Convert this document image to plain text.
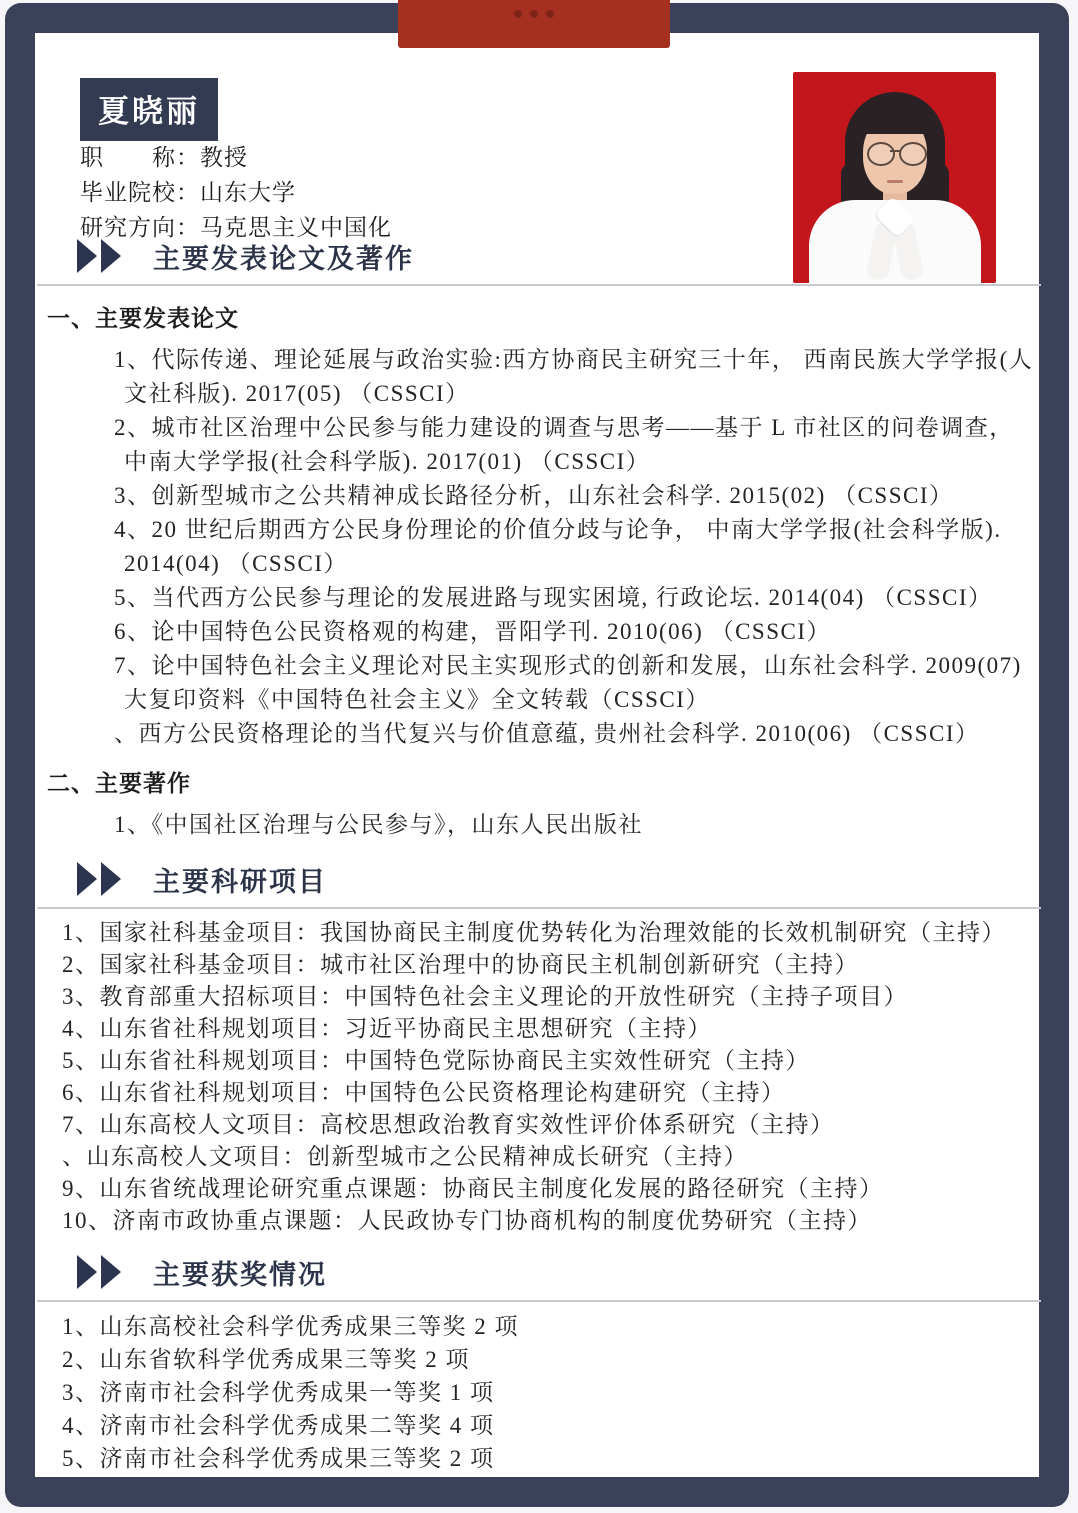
夏晓丽
职　　称：教授
毕业院校：山东大学
研究方向：马克思主义中国化
主要发表论文及著作
一、主要发表论文
1、代际传递、理论延展与政治实验:西方协商民主研究三十年， 西南民族大学学报(人文社科版). 2017(05) （CSSCI）
2、城市社区治理中公民参与能力建设的调查与思考——基于 L 市社区的问卷调查， 中南大学学报(社会科学版). 2017(01) （CSSCI）
3、创新型城市之公共精神成长路径分析，山东社会科学. 2015(02) （CSSCI）
4、20 世纪后期西方公民身份理论的价值分歧与论争， 中南大学学报(社会科学版). 2014(04) （CSSCI）
5、当代西方公民参与理论的发展进路与现实困境, 行政论坛. 2014(04) （CSSCI）
6、论中国特色公民资格观的构建，晋阳学刊. 2010(06) （CSSCI）
7、论中国特色社会主义理论对民主实现形式的创新和发展，山东社会科学. 2009(07) 大复印资料《中国特色社会主义》全文转载（CSSCI）
、西方公民资格理论的当代复兴与价值意蕴, 贵州社会科学. 2010(06) （CSSCI）
二、主要著作
1、《中国社区治理与公民参与》，山东人民出版社
主要科研项目
1、国家社科基金项目：我国协商民主制度优势转化为治理效能的长效机制研究（主持）
2、国家社科基金项目：城市社区治理中的协商民主机制创新研究（主持）
3、教育部重大招标项目：中国特色社会主义理论的开放性研究（主持子项目）
4、山东省社科规划项目：习近平协商民主思想研究（主持）
5、山东省社科规划项目：中国特色党际协商民主实效性研究（主持）
6、山东省社科规划项目：中国特色公民资格理论构建研究（主持）
7、山东高校人文项目：高校思想政治教育实效性评价体系研究（主持）
、山东高校人文项目：创新型城市之公民精神成长研究（主持）
9、山东省统战理论研究重点课题：协商民主制度化发展的路径研究（主持）
10、济南市政协重点课题：人民政协专门协商机构的制度优势研究（主持）
主要获奖情况
1、山东高校社会科学优秀成果三等奖 2 项
2、山东省软科学优秀成果三等奖 2 项
3、济南市社会科学优秀成果一等奖 1 项
4、济南市社会科学优秀成果二等奖 4 项
5、济南市社会科学优秀成果三等奖 2 项
